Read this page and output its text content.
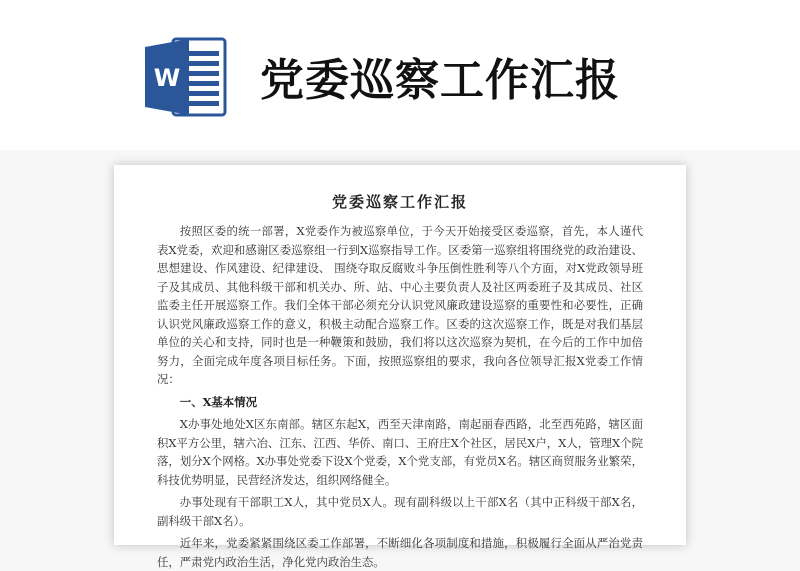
W 党委巡察工作汇报
党委巡察工作汇报

按照区委的统一部署，X党委作为被巡察单位，于今天开始接受区委巡察，首先，本人谨代表X党委，欢迎和感谢区委巡察组一行到X巡察指导工作。区委第一巡察组将围绕党的政治建设、思想建设、作风建设、纪律建设、 围绕夺取反腐败斗争压倒性胜利等八个方面，对X党政领导班子及其成员、其他科级干部和机关办、所、站、中心主要负责人及社区两委班子及其成员、社区监委主任开展巡察工作。我们全体干部必须充分认识党风廉政建设巡察的重要性和必要性，正确认识党风廉政巡察工作的意义，积极主动配合巡察工作。区委的这次巡察工作，既是对我们基层单位的关心和支持，同时也是一种鞭策和鼓励，我们将以这次巡察为契机，在今后的工作中加倍努力，全面完成年度各项目标任务。下面，按照巡察组的要求，我向各位领导汇报X党委工作情况：

一、X基本情况

X办事处地处X区东南部。辖区东起X，西至天津南路，南起丽春西路，北至西苑路，辖区面积X平方公里，辖六冶、江东、江西、华侨、南口、王府庄X个社区，居民X户，X人，管理X个院落，划分X个网格。X办事处党委下设X个党委，X个党支部，有党员X名。辖区商贸服务业繁荣，科技优势明显，民营经济发达，组织网络健全。

办事处现有干部职工X人，其中党员X人。现有副科级以上干部X名（其中正科级干部X名，副科级干部X名）。

近年来，党委紧紧围绕区委工作部署，不断细化各项制度和措施，积极履行全面从严治党责任，严肃党内政治生活，净化党内政治生态。
